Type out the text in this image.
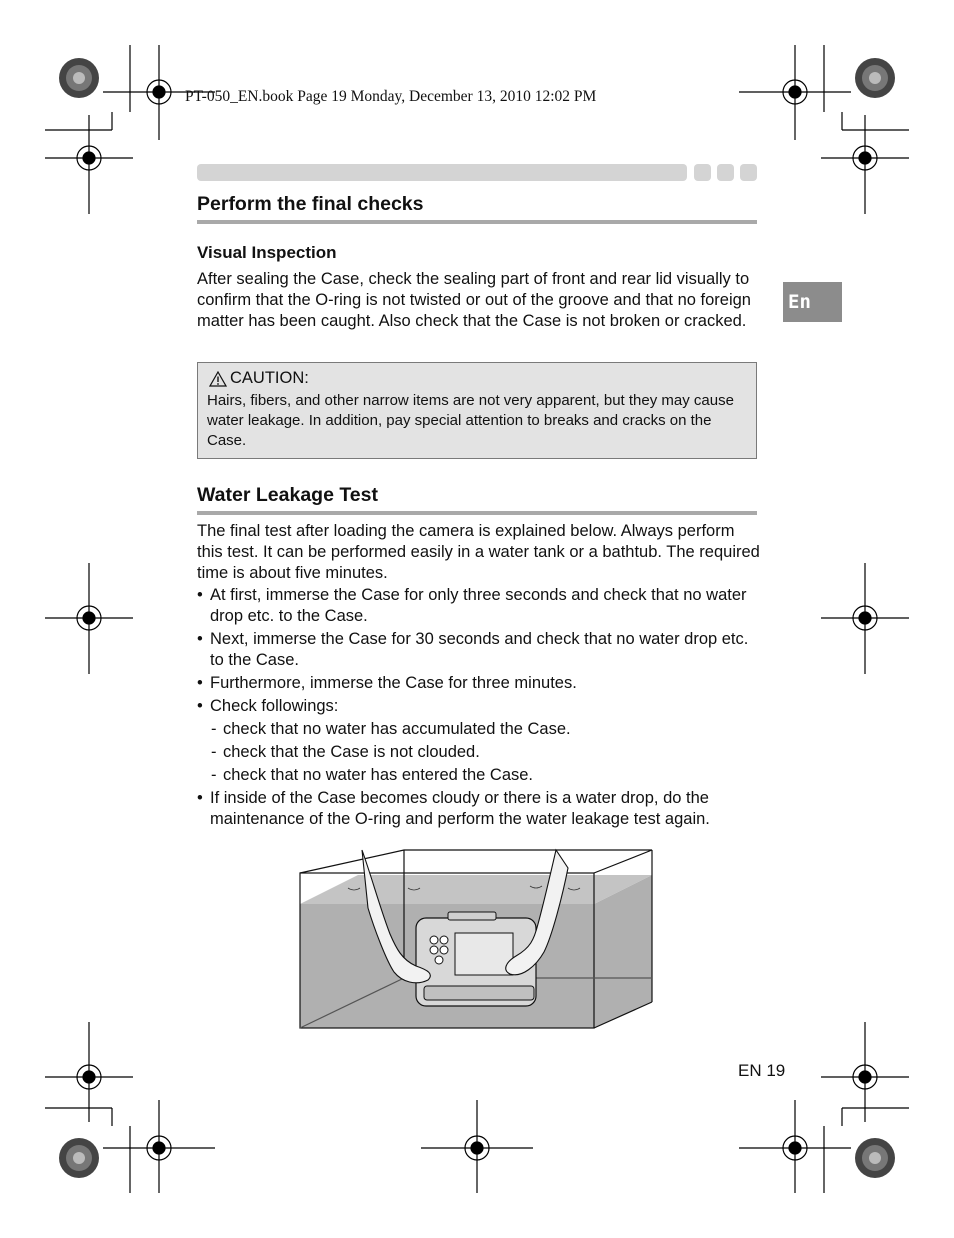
PT-050_EN.book Page 19 Monday, December 13, 2010 12:02 PM
Perform the final checks
Visual Inspection
After sealing the Case, check the sealing part of front and rear lid visually to confirm that the O-ring is not twisted or out of the groove and that no foreign matter has been caught. Also check that the Case is not broken or cracked.
En
CAUTION:
Hairs, fibers, and other narrow items are not very apparent, but they may cause water leakage. In addition, pay special attention to breaks and cracks on the Case.
Water Leakage Test
The final test after loading the camera is explained below. Always perform this test. It can be performed easily in a water tank or a bathtub. The required time is about five minutes.
• At first, immerse the Case for only three seconds and check that no water drop etc. to the Case.
• Next, immerse the Case for 30 seconds and check that no water drop etc. to the Case.
• Furthermore, immerse the Case for three minutes.
• Check followings:
- check that no water has accumulated the Case.
- check that the Case is not clouded.
- check that no water has entered the Case.
• If inside of the Case becomes cloudy or there is a water drop, do the maintenance of the O-ring and perform the water leakage test again.
EN 19
